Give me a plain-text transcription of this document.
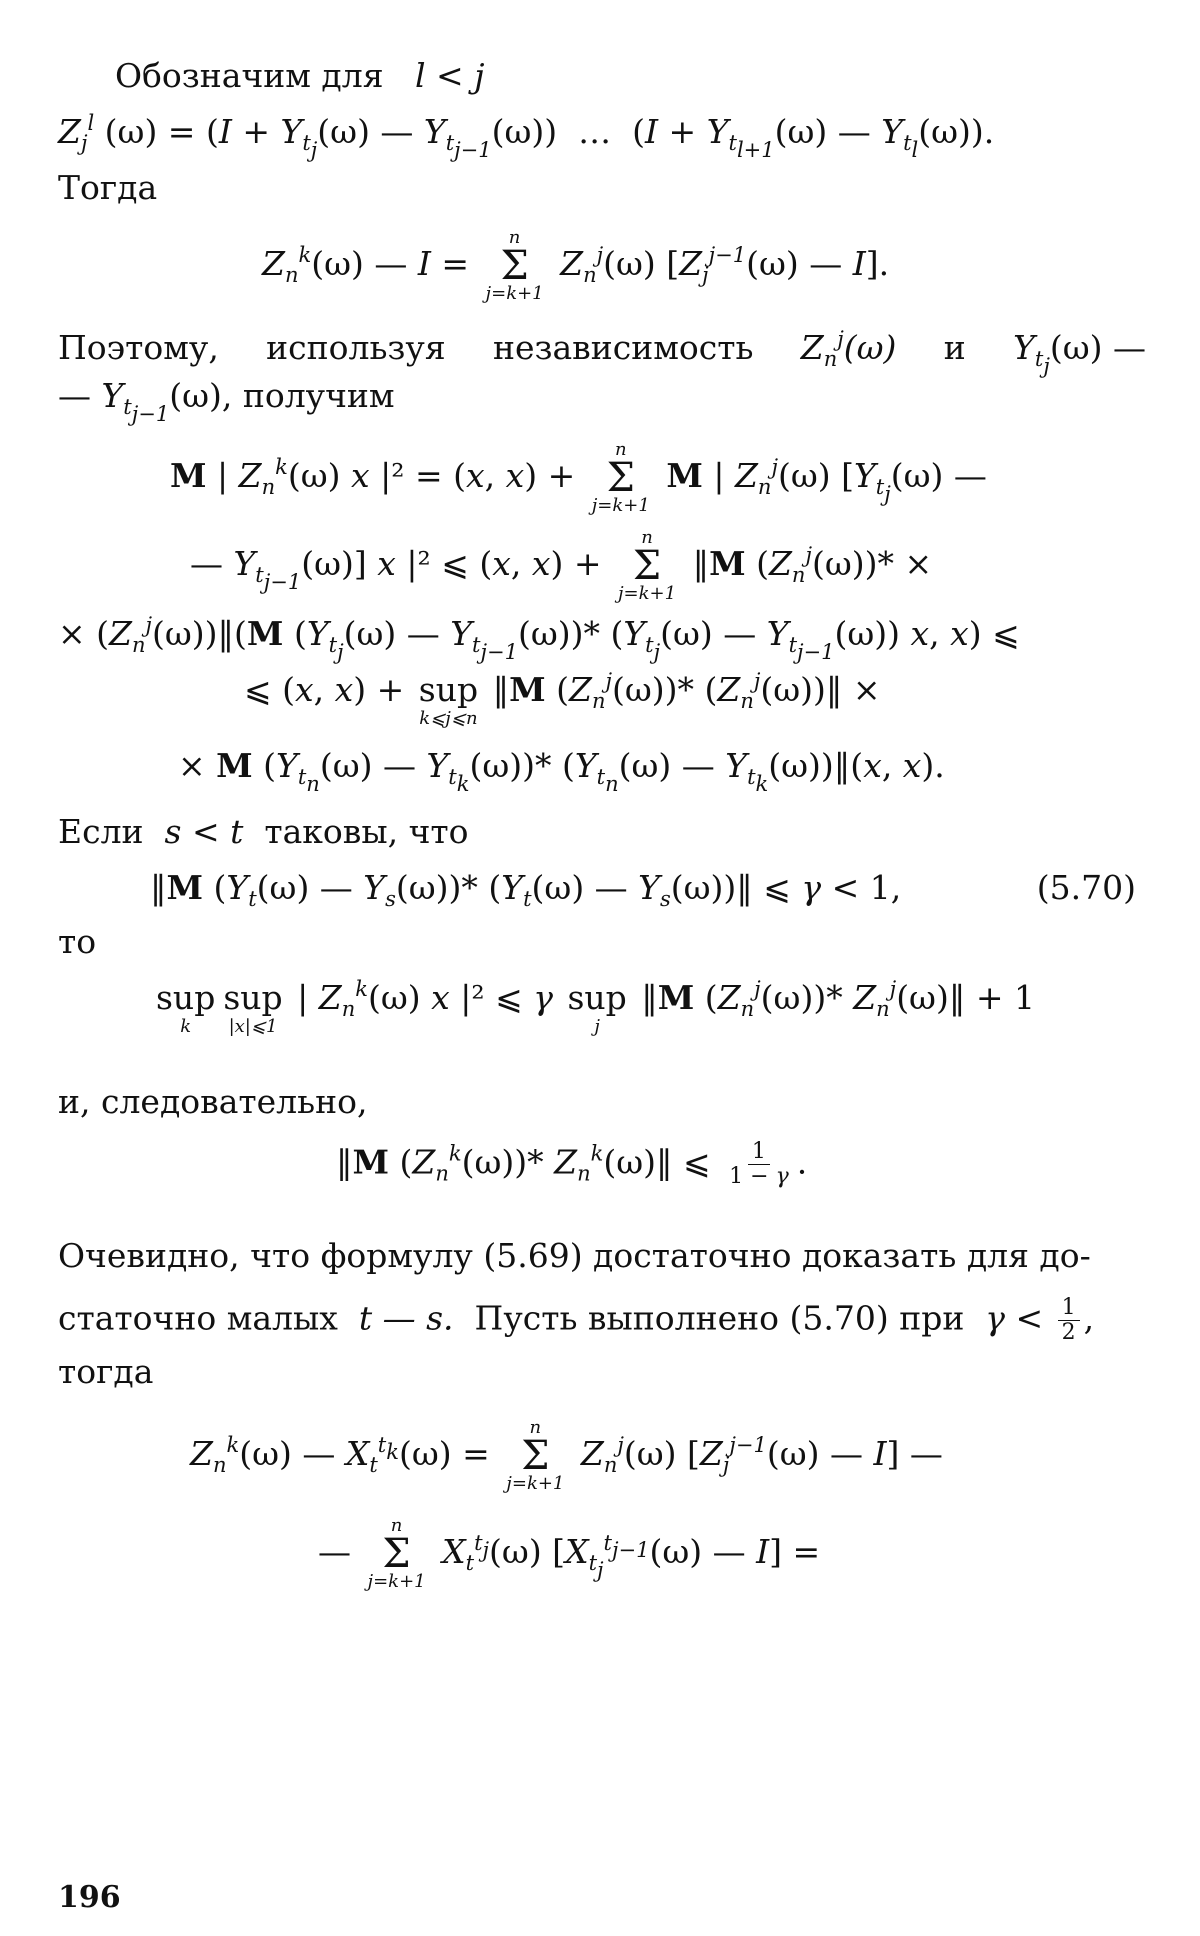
Обозначим для   l < j
$Z_j^l$ $(\omega) = (I + Y_{t_j}(\omega)$ — $Y_{t_{j-1}}(\omega)$)  …  ($I + Y_{t_{l+1}}(\omega)$ — $Y_{t_l}(\omega)$).
Тогда
$Z_n^k(\omega)$ — I =
n
Σ
j=k+1
$Z_n^j(\omega)$ [$Z_j^{j-1}(\omega)$ — I].
Поэтому, используя независимость $Z_n^j(\omega)$ и $Y_{t_j}(\omega)$ —
— $Y_{t_{j-1}}(\omega)$, получим
M | $Z_n^k(\omega)$ x |² = (x, x) +
n
Σ
j=k+1
M | $Z_n^j(\omega)$ [$Y_{t_j}(\omega)$ —
— $Y_{t_{j-1}}(\omega)$] x |² ⩽ (x, x) +
n
Σ
j=k+1
‖M $(Z_n^j(\omega))*$ ×
× $(Z_n^j(\omega))‖(M$ ($Y_{t_j}(\omega)$ — $Y_{t_{j-1}}(\omega))*$ ($Y_{t_j}(\omega)$ — $Y_{t_{j-1}}(\omega)$) x, x) ⩽
⩽ (x, x) + sup
k⩽j⩽n
‖M $(Z_n^j(\omega))*$ $(Z_n^j(\omega))‖$ ×
× M ($Y_{t_n}(\omega)$ — $Y_{t_k}(\omega))*$ ($Y_{t_n}(\omega)$ — $Y_{t_k}(\omega))‖(x$, x).
Если  s < t  таковы, что
‖M ($Y_t(\omega)$ — $Y_s(\omega))*$ ($Y_t(\omega)$ — $Y_s(\omega))‖$ ⩽ γ < 1,	(5.70)
то
sup
k
sup
|x|⩽1
| $Z_n^k(\omega)$ x |² ⩽ γ sup
j
‖M $(Z_n^j(\omega))*$ $Z_n^j(\omega)‖ + 1$
и, следовательно,
‖M $(Z_n^k(\omega))*$ $Z_n^k(\omega)‖$ ⩽ $\frac{1}{1 - \gamma}$ .
Очевидно, что формулу (5.69) достаточно доказать для до-
статочно малых  t — s.  Пусть выполнено (5.70) при  $\gamma < \frac{1}{2}$ ,
тогда
$Z_n^k(\omega)$ — $X_t^{t_k}(\omega)$ =
n
Σ
j=k+1
$Z_n^j(\omega)$ [$Z_j^{j-1}(\omega)$ — I] —
—
n
Σ
j=k+1
$X_t^{t_j}(\omega)$ [$X_{t_j}^{t_{j-1}}(\omega)$ — I] =
196
